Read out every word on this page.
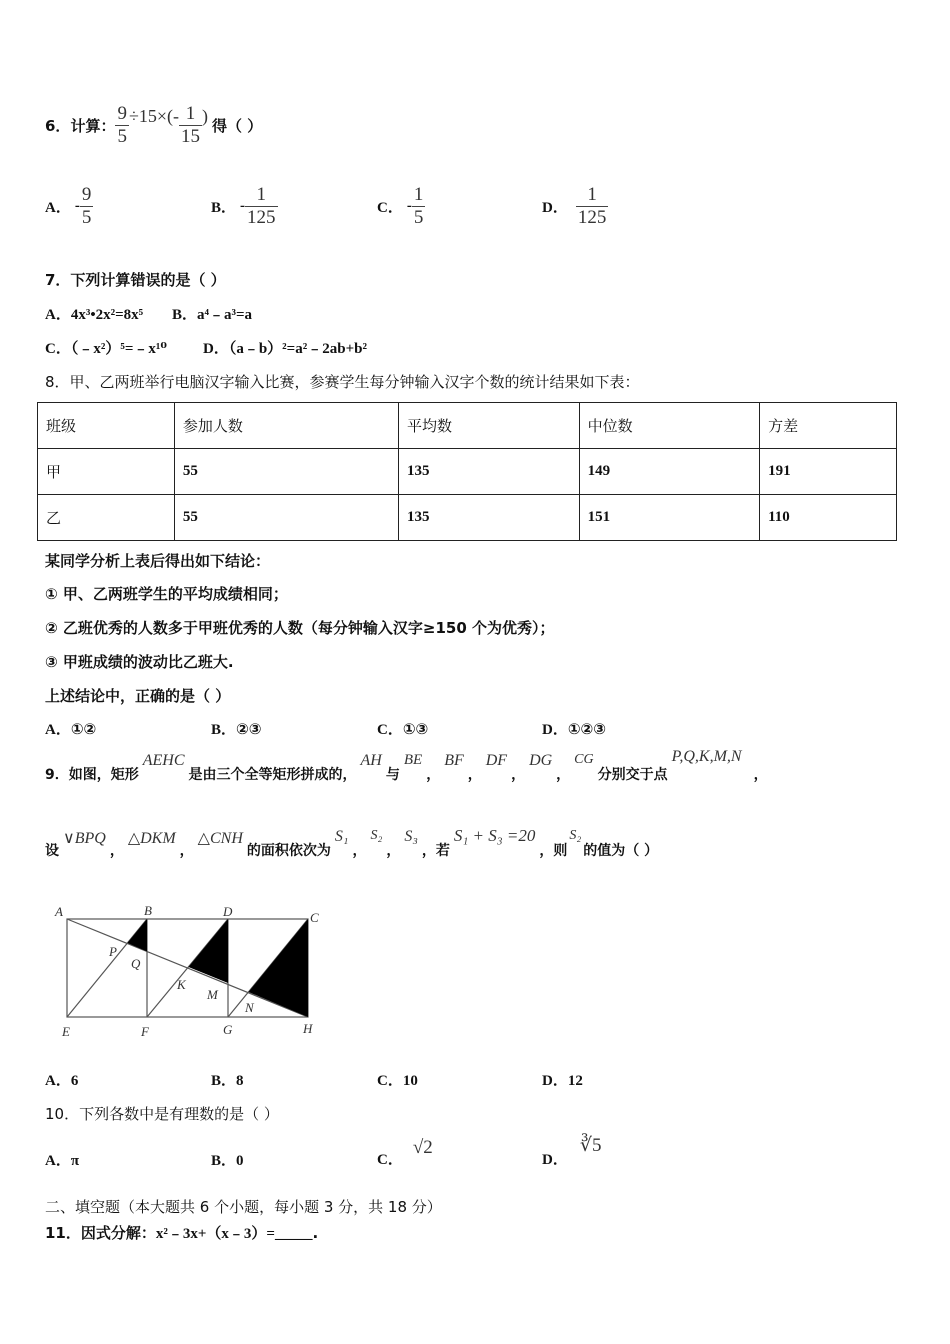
6． 计算： $\frac{9}{5} \div 15\times(- \frac{1}{15}$ ) 得（ ）
A． - $\frac{9}{5}$	B． - $\frac{1}{125}$	C． - $\frac{1}{5}$	D． $\frac{1}{125}$
7．下列计算错误的是（ ）
A．4x³•2x²=8x⁵ B．a⁴﹣a³=a
C．（﹣x²）⁵=﹣x¹⁰ D．（a﹣b）²=a²﹣2ab+b²
8．甲、乙两班举行电脑汉字输入比赛，参赛学生每分钟输入汉字个数的统计结果如下表：
班级	参加人数	平均数	中位数	方差
甲	55	135	149	191
乙	55	135	151	110
某同学分析上表后得出如下结论：
① 甲、乙两班学生的平均成绩相同；
② 乙班优秀的人数多于甲班优秀的人数（每分钟输入汉字≥150 个为优秀）；
③ 甲班成绩的波动比乙班大.
上述结论中，正确的是（ ）
A．①②	B．②③	C．①③	D．①②③
9．如图，矩形
AEHC
是由三个全等矩形拼成的，
AH
与
BE
，
BF
，
DF
，
DG
，
CG
分别交于点
P,Q,K,M,N
，
设
∨BPQ
，
△DKM
，
△CNH
的面积依次为
S₁
，
S₂
，
S₃
，若
S₁ + S₃ =20
，则
S₂
的值为（ ）
A	B	D	C
E	F	G	H
P
Q
K
M
N
A．6	B．8	C．10	D．12
10．下列各数中是有理数的是（ ）
A．π	B．0	C．
√2
D．
∛5
二、填空题（本大题共 6 个小题，每小题 3 分，共 18 分）
11．因式分解：x²﹣3x+（x﹣3）=_____.
